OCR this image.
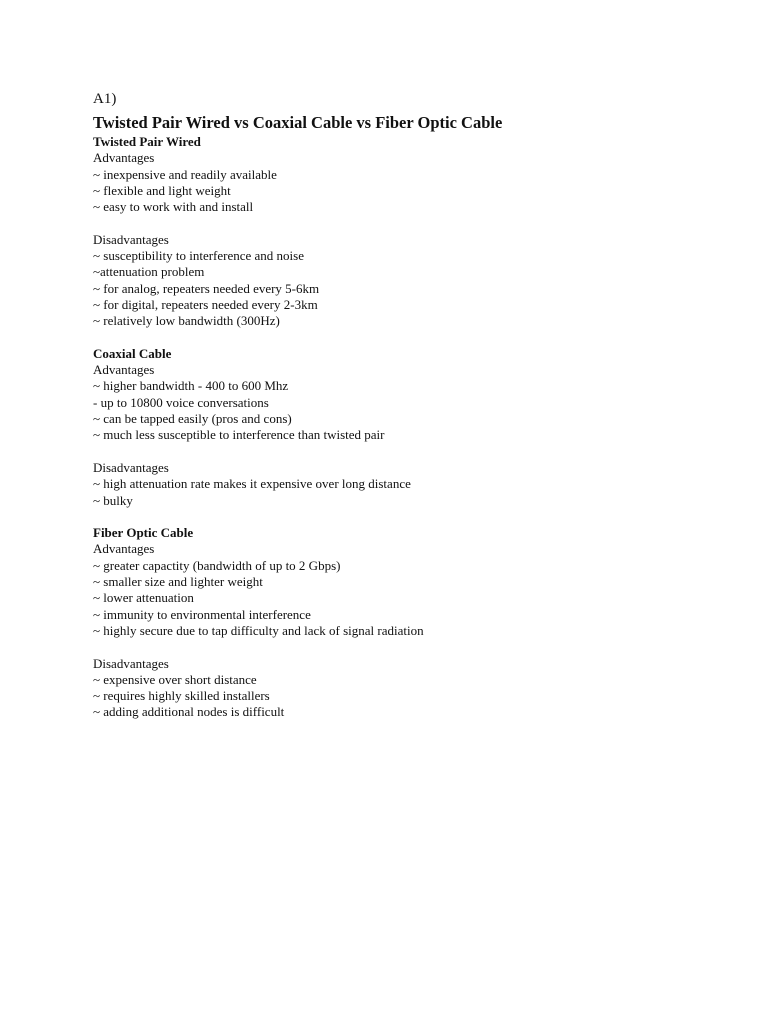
A1)

Twisted Pair Wired vs Coaxial Cable vs Fiber Optic Cable

Twisted Pair Wired

Advantages

~ inexpensive and readily available

~ flexible and light weight

~ easy to work with and install

Disadvantages

~ susceptibility to interference and noise

~attenuation problem

~ for analog, repeaters needed every 5-6km

~ for digital, repeaters needed every 2-3km

~ relatively low bandwidth (300Hz)

Coaxial Cable

Advantages

~ higher bandwidth - 400 to 600 Mhz

- up to 10800 voice conversations

~ can be tapped easily (pros and cons)

~ much less susceptible to interference than twisted pair

Disadvantages

~ high attenuation rate makes it expensive over long distance

~ bulky

Fiber Optic Cable

Advantages

~ greater capactity (bandwidth of up to 2 Gbps)

~ smaller size and lighter weight

~ lower attenuation

~ immunity to environmental interference

~ highly secure due to tap difficulty and lack of signal radiation

Disadvantages

~ expensive over short distance

~ requires highly skilled installers

~ adding additional nodes is difficult
